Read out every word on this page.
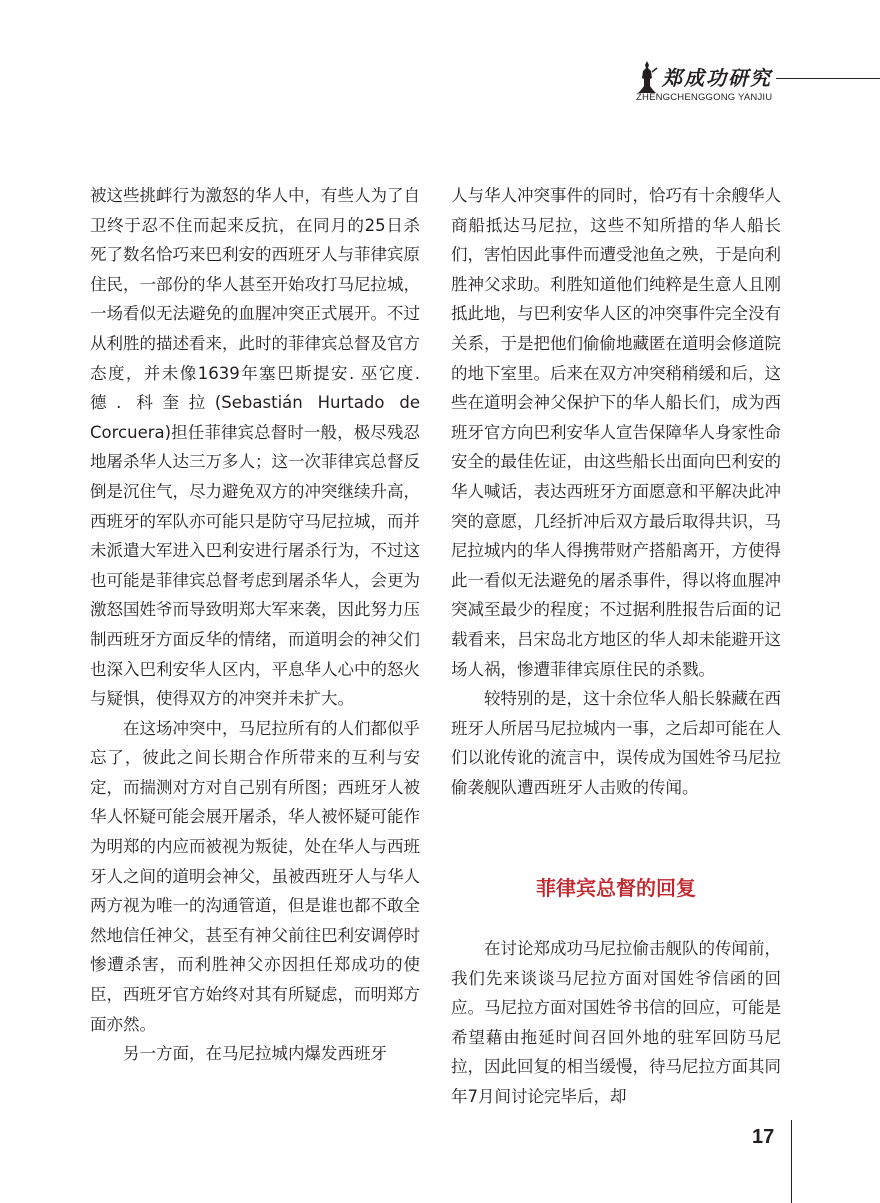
郑成功研究
ZHENGCHENGGONG YANJIU

被这些挑衅行为激怒的华人中，有些人为了自卫终于忍不住而起来反抗，在同月的25日杀死了数名恰巧来巴利安的西班牙人与菲律宾原住民，一部份的华人甚至开始攻打马尼拉城，一场看似无法避免的血腥冲突正式展开。不过从利胜的描述看来，此时的菲律宾总督及官方态度，并未像1639年塞巴斯提安. 巫它度. 德. 科奎拉(Sebastián Hurtado de Corcuera)担任菲律宾总督时一般，极尽残忍地屠杀华人达三万多人；这一次菲律宾总督反倒是沉住气，尽力避免双方的冲突继续升高，西班牙的军队亦可能只是防守马尼拉城，而并未派遣大军进入巴利安进行屠杀行为，不过这也可能是菲律宾总督考虑到屠杀华人，会更为激怒国姓爷而导致明郑大军来袭，因此努力压制西班牙方面反华的情绪，而道明会的神父们也深入巴利安华人区内，平息华人心中的怒火与疑惧，使得双方的冲突并未扩大。

在这场冲突中，马尼拉所有的人们都似乎忘了，彼此之间长期合作所带来的互利与安定，而揣测对方对自己别有所图；西班牙人被华人怀疑可能会展开屠杀，华人被怀疑可能作为明郑的内应而被视为叛徒，处在华人与西班牙人之间的道明会神父，虽被西班牙人与华人两方视为唯一的沟通管道，但是谁也都不敢全然地信任神父，甚至有神父前往巴利安调停时惨遭杀害，而利胜神父亦因担任郑成功的使臣，西班牙官方始终对其有所疑虑，而明郑方面亦然。

另一方面，在马尼拉城内爆发西班牙

人与华人冲突事件的同时，恰巧有十余艘华人商船抵达马尼拉，这些不知所措的华人船长们，害怕因此事件而遭受池鱼之殃，于是向利胜神父求助。利胜知道他们纯粹是生意人且刚抵此地，与巴利安华人区的冲突事件完全没有关系，于是把他们偷偷地藏匿在道明会修道院的地下室里。后来在双方冲突稍稍缓和后，这些在道明会神父保护下的华人船长们，成为西班牙官方向巴利安华人宣告保障华人身家性命安全的最佳佐证，由这些船长出面向巴利安的华人喊话，表达西班牙方面愿意和平解决此冲突的意愿，几经折冲后双方最后取得共识，马尼拉城内的华人得携带财产搭船离开，方使得此一看似无法避免的屠杀事件，得以将血腥冲突减至最少的程度；不过据利胜报告后面的记载看来，吕宋岛北方地区的华人却未能避开这场人祸，惨遭菲律宾原住民的杀戮。

较特别的是，这十余位华人船长躲藏在西班牙人所居马尼拉城内一事，之后却可能在人们以讹传讹的流言中，误传成为国姓爷马尼拉偷袭舰队遭西班牙人击败的传闻。

菲律宾总督的回复

在讨论郑成功马尼拉偷击舰队的传闻前，我们先来谈谈马尼拉方面对国姓爷信函的回应。马尼拉方面对国姓爷书信的回应，可能是希望藉由拖延时间召回外地的驻军回防马尼拉，因此回复的相当缓慢，待马尼拉方面其同年7月间讨论完毕后，却

17
